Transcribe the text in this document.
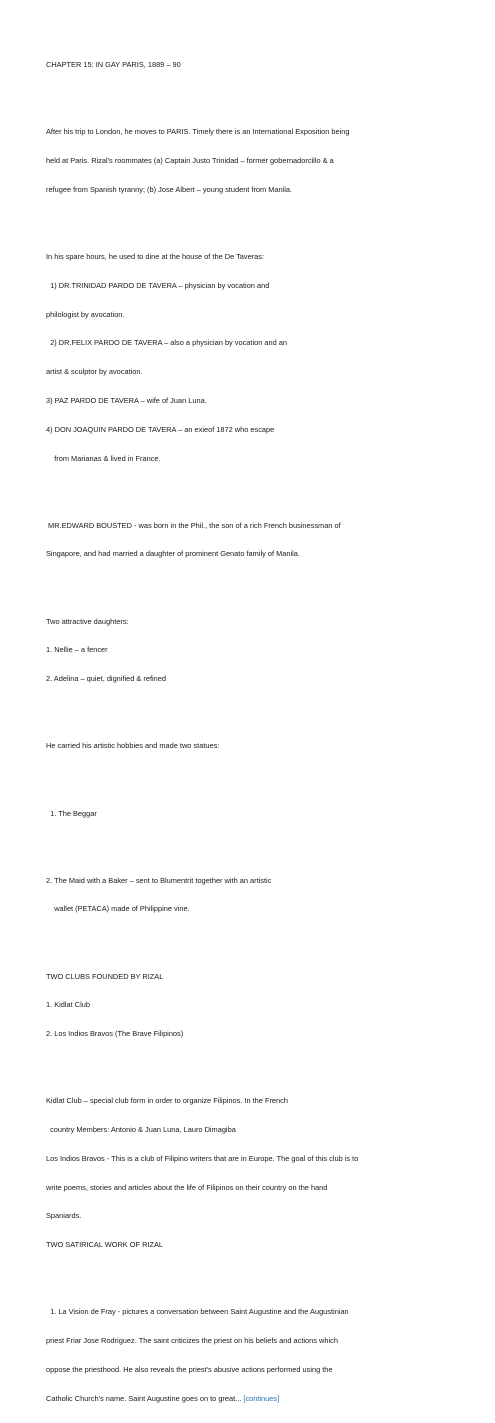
CHAPTER 15: IN GAY PARIS, 1889 – 90

After his trip to London, he moves to PARIS. Timely there is an International Exposition being

held at Paris. Rizal's roommates (a) Captain Justo Trinidad – former gobernadorcillo & a

refugee from Spanish tyranny; (b) Jose Albert – young student from Manila.

In his spare hours, he used to dine at the house of the De Taveras:

1) DR.TRINIDAD PARDO DE TAVERA – physician by vocation and

philologist by avocation.

2) DR.FELIX PARDO DE TAVERA – also a physician by vocation and an

artist & sculptor by avocation.

3) PAZ PARDO DE TAVERA – wife of Juan Luna.

4) DON JOAQUIN PARDO DE TAVERA – an exieof 1872 who escape

from Marianas & lived in France.

MR.EDWARD BOUSTED - was born in the Phil., the son of a rich French businessman of

Singapore, and had married a daughter of prominent Genato family of Manila.

Two attractive daughters:

1. Nellie – a fencer

2. Adelina – quiet, dignified & refined

He carried his artistic hobbies and made two statues:

1. The Beggar

2. The Maid with a Baker – sent to Blumentrit together with an artistic

wallet (PETACA) made of Philippine vine.

TWO CLUBS FOUNDED BY RIZAL

1. Kidlat Club

2. Los Indios Bravos (The Brave Filipinos)

Kidlat Club – special club form in order to organize Filipinos. In the French

country Members: Antonio & Juan Luna, Lauro Dimagiba

Los Indios Bravos - This is a club of Filipino writers that are in Europe. The goal of this club is to

write poems, stories and articles about the life of Filipinos on their country on the hand

Spaniards.

TWO SATIRICAL WORK OF RIZAL

1. La Vision de Fray - pictures a conversation between Saint Augustine and the Augustinian

priest Friar Jose Rodriguez. The saint criticizes the priest on his beliefs and actions which

oppose the priesthood. He also reveals the priest's abusive actions performed using the

Catholic Church's name. Saint Augustine goes on to great... [continues]
